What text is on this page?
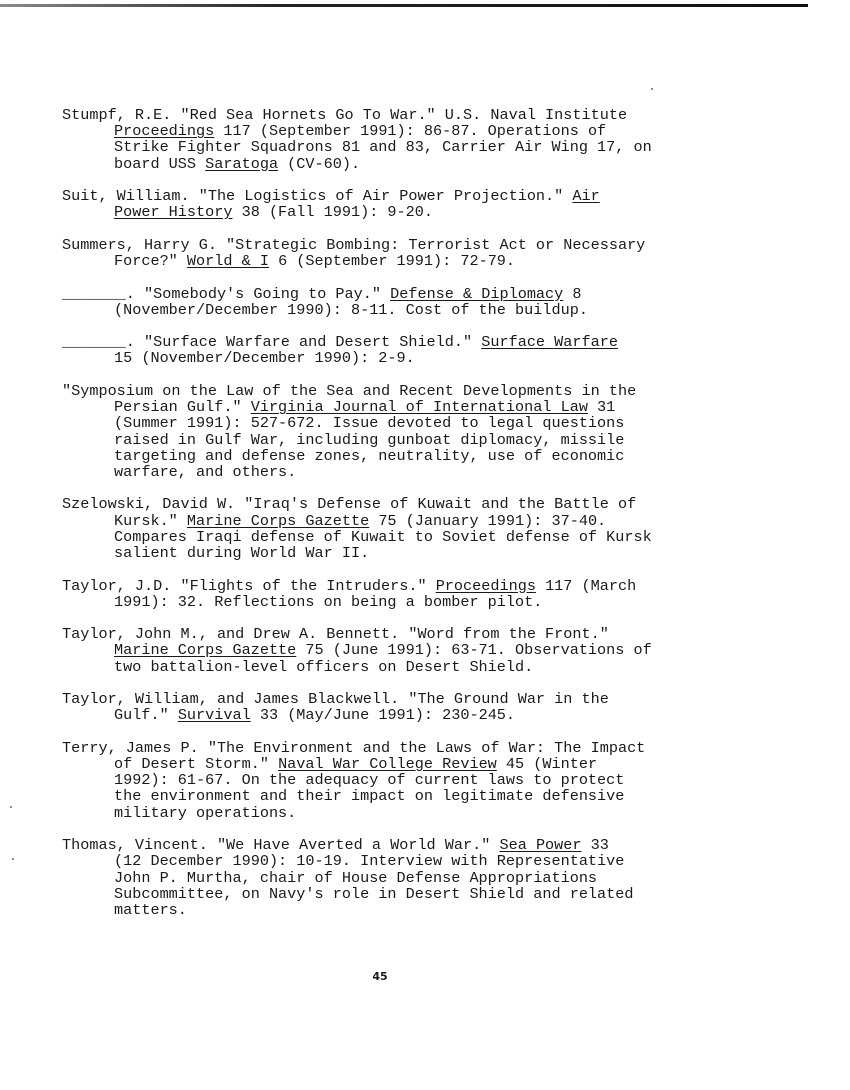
Stumpf, R.E. "Red Sea Hornets Go To War." U.S. Naval Institute
Proceedings 117 (September 1991): 86-87. Operations of
Strike Fighter Squadrons 81 and 83, Carrier Air Wing 17, on
board USS Saratoga (CV-60).
Suit, William. "The Logistics of Air Power Projection." Air
Power History 38 (Fall 1991): 9-20.
Summers, Harry G. "Strategic Bombing: Terrorist Act or Necessary
Force?" World & I 6 (September 1991): 72-79.
_______. "Somebody's Going to Pay." Defense & Diplomacy 8
(November/December 1990): 8-11. Cost of the buildup.
_______. "Surface Warfare and Desert Shield." Surface Warfare
15 (November/December 1990): 2-9.
"Symposium on the Law of the Sea and Recent Developments in the
Persian Gulf." Virginia Journal of International Law 31
(Summer 1991): 527-672. Issue devoted to legal questions
raised in Gulf War, including gunboat diplomacy, missile
targeting and defense zones, neutrality, use of economic
warfare, and others.
Szelowski, David W. "Iraq's Defense of Kuwait and the Battle of
Kursk." Marine Corps Gazette 75 (January 1991): 37-40.
Compares Iraqi defense of Kuwait to Soviet defense of Kursk
salient during World War II.
Taylor, J.D. "Flights of the Intruders." Proceedings 117 (March
1991): 32. Reflections on being a bomber pilot.
Taylor, John M., and Drew A. Bennett. "Word from the Front."
Marine Corps Gazette 75 (June 1991): 63-71. Observations of
two battalion-level officers on Desert Shield.
Taylor, William, and James Blackwell. "The Ground War in the
Gulf." Survival 33 (May/June 1991): 230-245.
Terry, James P. "The Environment and the Laws of War: The Impact
of Desert Storm." Naval War College Review 45 (Winter
1992): 61-67. On the adequacy of current laws to protect
the environment and their impact on legitimate defensive
military operations.
Thomas, Vincent. "We Have Averted a World War." Sea Power 33
(12 December 1990): 10-19. Interview with Representative
John P. Murtha, chair of House Defense Appropriations
Subcommittee, on Navy's role in Desert Shield and related
matters.
45
